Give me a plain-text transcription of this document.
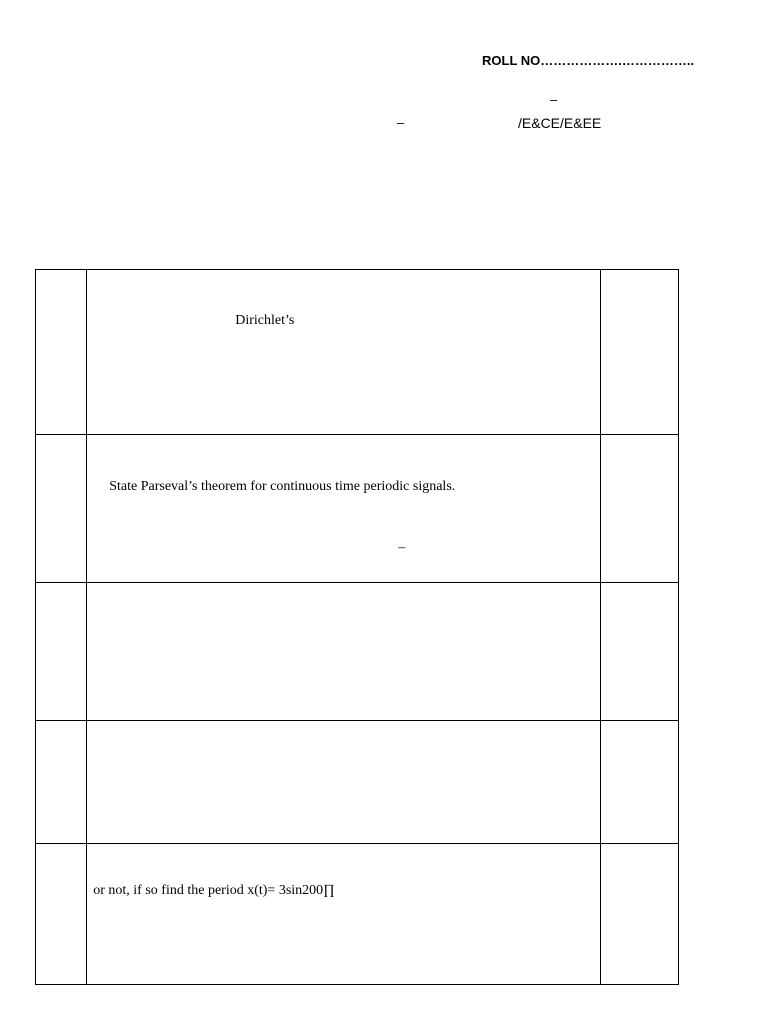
ROLL NO……………….……………..
–
–	/E&CE/E&EE

	Dirichlet’s	

	State Parseval’s theorem for continuous time periodic signals.
–	

	or not, if so find the period x(t)= 3sin200∏	
